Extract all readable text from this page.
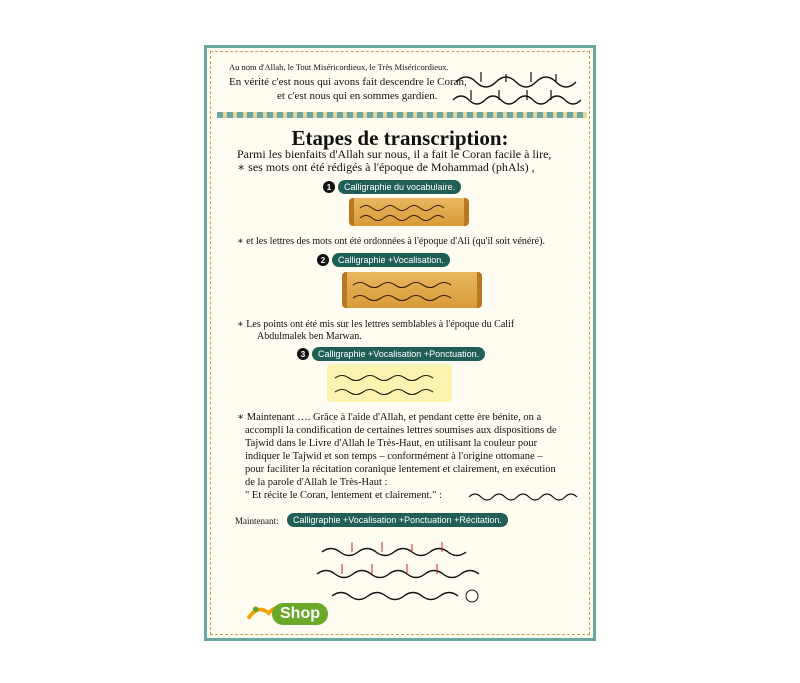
Au nom d'Allah, le Tout Miséricordieux, le Très Miséricordieux.
En vérité c'est nous qui avons fait descendre le Coran,
et c'est nous qui en sommes gardien.
Etapes de transcription:
Parmi les bienfaits d'Allah sur nous, il a fait le Coran facile à lire,
∗ ses mots ont été rédigés à l'époque de Mohammad (phAls) ,
1	Calligraphie du vocabulaire.
∗ et les lettres des mots ont été ordonnées à l'époque d'Ali (qu'il soit vénéré).
2	Calligraphie +Vocalisation.
∗ Les points ont été mis sur les lettres semblables à l'époque du Calif
Abdulmalek ben Marwan.
3	Calligraphie +Vocalisation +Ponctuation.
∗ Maintenant …. Grâce à l'aide d'Allah, et pendant cette ère bénite, on a
accompli la condification de certaines lettres soumises aux dispositions de
Tajwid dans le Livre d'Allah le Très-Haut, en utilisant la couleur pour
indiquer le Tajwid et son temps – conformément à l'origine ottomane –
pour faciliter la récitation coranique lentement et clairement, en exécution
de la parole d'Allah le Très-Haut :
" Et récite le Coran, lentement et clairement." :
Maintenant:	Calligraphie +Vocalisation +Ponctuation +Récitation.
Shop
